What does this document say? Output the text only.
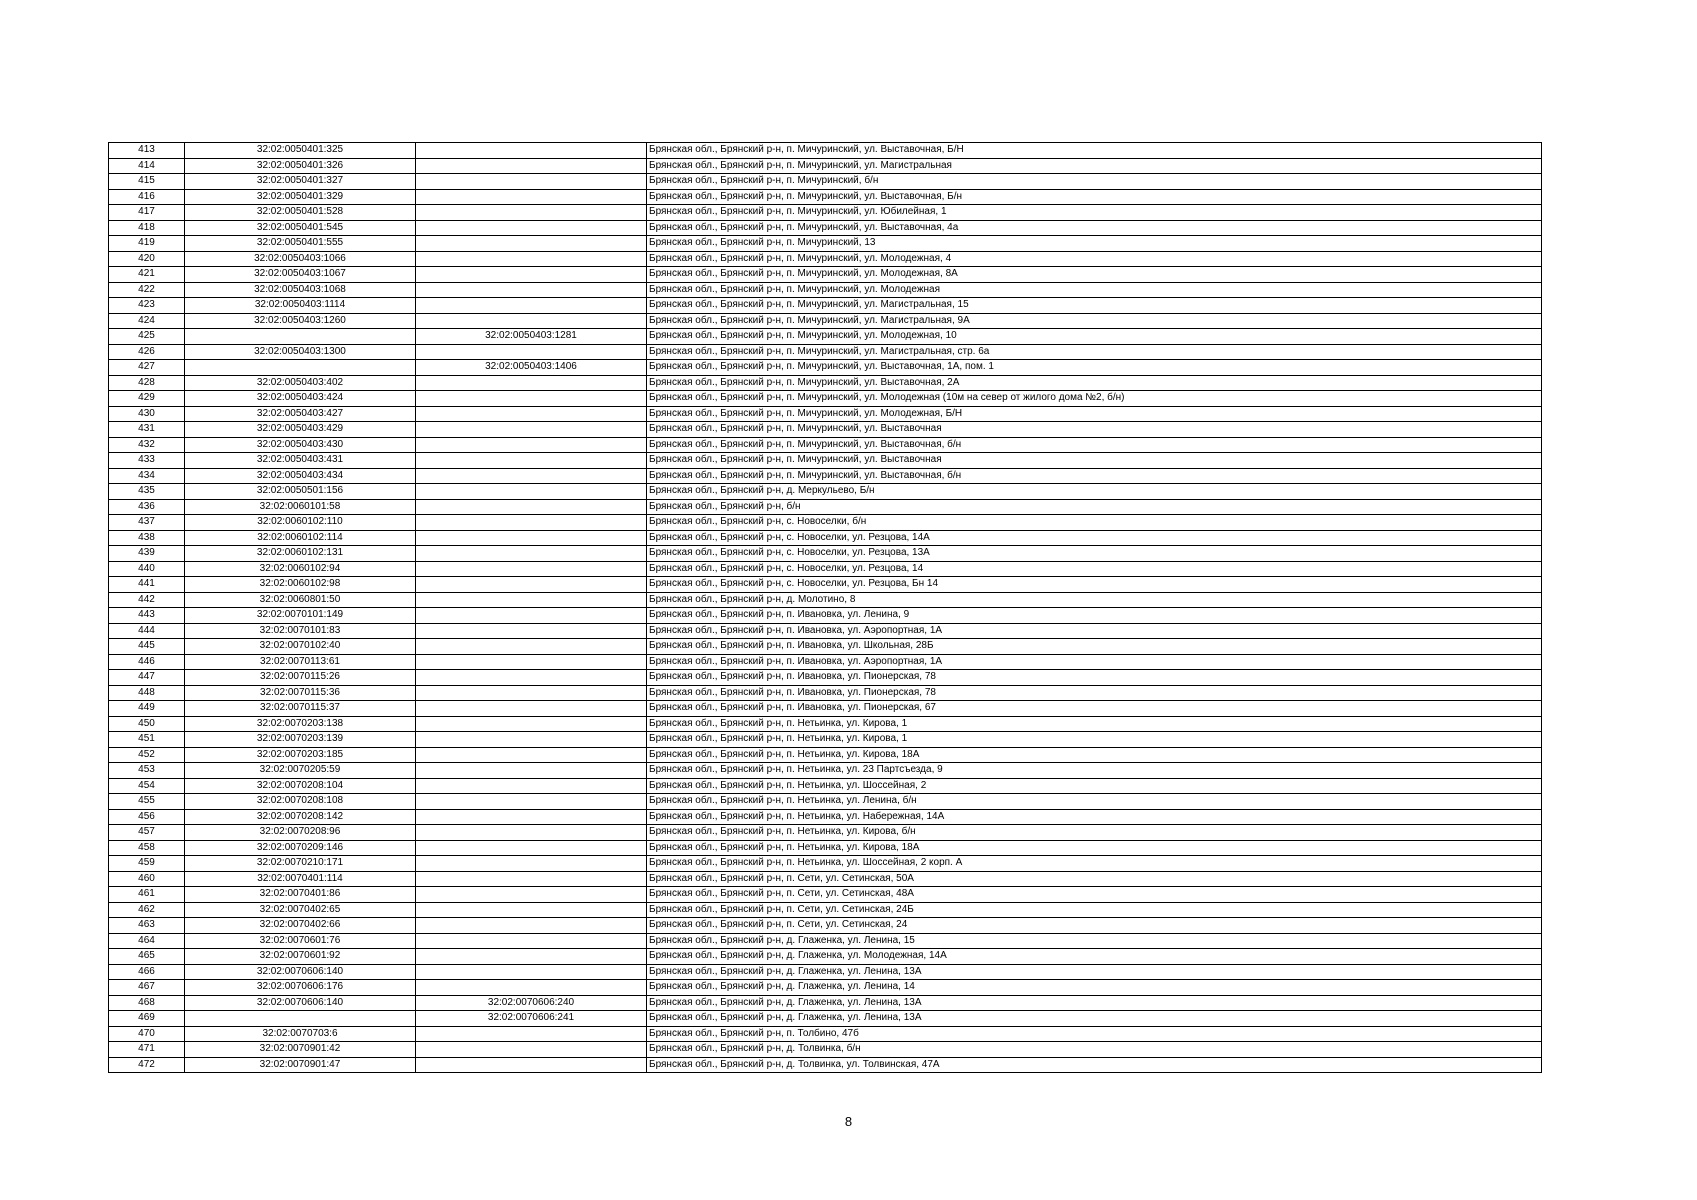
413	32:02:0050401:325		Брянская обл., Брянский р-н, п. Мичуринский, ул. Выставочная, Б/Н
414	32:02:0050401:326		Брянская обл., Брянский р-н, п. Мичуринский, ул. Магистральная
415	32:02:0050401:327		Брянская обл., Брянский р-н, п. Мичуринский, б/н
416	32:02:0050401:329		Брянская обл., Брянский р-н, п. Мичуринский, ул. Выставочная, Б/н
417	32:02:0050401:528		Брянская обл., Брянский р-н, п. Мичуринский, ул. Юбилейная, 1
418	32:02:0050401:545		Брянская обл., Брянский р-н, п. Мичуринский, ул. Выставочная, 4а
419	32:02:0050401:555		Брянская обл., Брянский р-н, п. Мичуринский, 13
420	32:02:0050403:1066		Брянская обл., Брянский р-н, п. Мичуринский, ул. Молодежная, 4
421	32:02:0050403:1067		Брянская обл., Брянский р-н, п. Мичуринский, ул. Молодежная, 8А
422	32:02:0050403:1068		Брянская обл., Брянский р-н, п. Мичуринский, ул. Молодежная
423	32:02:0050403:1114		Брянская обл., Брянский р-н, п. Мичуринский, ул. Магистральная, 15
424	32:02:0050403:1260		Брянская обл., Брянский р-н, п. Мичуринский, ул. Магистральная, 9А
425		32:02:0050403:1281	Брянская обл., Брянский р-н, п. Мичуринский, ул. Молодежная, 10
426	32:02:0050403:1300		Брянская обл., Брянский р-н, п. Мичуринский, ул. Магистральная, стр. 6а
427		32:02:0050403:1406	Брянская обл., Брянский р-н, п. Мичуринский, ул. Выставочная, 1А, пом. 1
428	32:02:0050403:402		Брянская обл., Брянский р-н, п. Мичуринский, ул. Выставочная, 2А
429	32:02:0050403:424		Брянская обл., Брянский р-н, п. Мичуринский, ул. Молодежная (10м на север от жилого дома №2, б/н)
430	32:02:0050403:427		Брянская обл., Брянский р-н, п. Мичуринский, ул. Молодежная, Б/Н
431	32:02:0050403:429		Брянская обл., Брянский р-н, п. Мичуринский, ул. Выставочная
432	32:02:0050403:430		Брянская обл., Брянский р-н, п. Мичуринский, ул. Выставочная, б/н
433	32:02:0050403:431		Брянская обл., Брянский р-н, п. Мичуринский, ул. Выставочная
434	32:02:0050403:434		Брянская обл., Брянский р-н, п. Мичуринский, ул. Выставочная, б/н
435	32:02:0050501:156		Брянская обл., Брянский р-н, д. Меркульево, Б/н
436	32:02:0060101:58		Брянская обл., Брянский р-н, б/н
437	32:02:0060102:110		Брянская обл., Брянский р-н, с. Новоселки, б/н
438	32:02:0060102:114		Брянская обл., Брянский р-н, с. Новоселки, ул. Резцова, 14А
439	32:02:0060102:131		Брянская обл., Брянский р-н, с. Новоселки, ул. Резцова, 13А
440	32:02:0060102:94		Брянская обл., Брянский р-н, с. Новоселки, ул. Резцова, 14
441	32:02:0060102:98		Брянская обл., Брянский р-н, с. Новоселки, ул. Резцова, Бн 14
442	32:02:0060801:50		Брянская обл., Брянский р-н, д. Молотино, 8
443	32:02:0070101:149		Брянская обл., Брянский р-н, п. Ивановка, ул. Ленина, 9
444	32:02:0070101:83		Брянская обл., Брянский р-н, п. Ивановка, ул. Аэропортная, 1А
445	32:02:0070102:40		Брянская обл., Брянский р-н, п. Ивановка, ул. Школьная, 28Б
446	32:02:0070113:61		Брянская обл., Брянский р-н, п. Ивановка, ул. Аэропортная, 1А
447	32:02:0070115:26		Брянская обл., Брянский р-н, п. Ивановка, ул. Пионерская, 78
448	32:02:0070115:36		Брянская обл., Брянский р-н, п. Ивановка, ул. Пионерская, 78
449	32:02:0070115:37		Брянская обл., Брянский р-н, п. Ивановка, ул. Пионерская, 67
450	32:02:0070203:138		Брянская обл., Брянский р-н, п. Нетьинка, ул. Кирова, 1
451	32:02:0070203:139		Брянская обл., Брянский р-н, п. Нетьинка, ул. Кирова, 1
452	32:02:0070203:185		Брянская обл., Брянский р-н, п. Нетьинка, ул. Кирова, 18А
453	32:02:0070205:59		Брянская обл., Брянский р-н, п. Нетьинка, ул. 23 Партсъезда, 9
454	32:02:0070208:104		Брянская обл., Брянский р-н, п. Нетьинка, ул. Шоссейная, 2
455	32:02:0070208:108		Брянская обл., Брянский р-н, п. Нетьинка, ул. Ленина, б/н
456	32:02:0070208:142		Брянская обл., Брянский р-н, п. Нетьинка, ул. Набережная, 14А
457	32:02:0070208:96		Брянская обл., Брянский р-н, п. Нетьинка, ул. Кирова, б/н
458	32:02:0070209:146		Брянская обл., Брянский р-н, п. Нетьинка, ул. Кирова, 18А
459	32:02:0070210:171		Брянская обл., Брянский р-н, п. Нетьинка, ул. Шоссейная, 2 корп. А
460	32:02:0070401:114		Брянская обл., Брянский р-н, п. Сети, ул. Сетинская, 50А
461	32:02:0070401:86		Брянская обл., Брянский р-н, п. Сети, ул. Сетинская, 48А
462	32:02:0070402:65		Брянская обл., Брянский р-н, п. Сети, ул. Сетинская, 24Б
463	32:02:0070402:66		Брянская обл., Брянский р-н, п. Сети, ул. Сетинская, 24
464	32:02:0070601:76		Брянская обл., Брянский р-н, д. Глаженка, ул. Ленина, 15
465	32:02:0070601:92		Брянская обл., Брянский р-н, д. Глаженка, ул. Молодежная, 14А
466	32:02:0070606:140		Брянская обл., Брянский р-н, д. Глаженка, ул. Ленина, 13А
467	32:02:0070606:176		Брянская обл., Брянский р-н, д. Глаженка, ул. Ленина, 14
468	32:02:0070606:140	32:02:0070606:240	Брянская обл., Брянский р-н, д. Глаженка, ул. Ленина, 13А
469		32:02:0070606:241	Брянская обл., Брянский р-н, д. Глаженка, ул. Ленина, 13А
470	32:02:0070703:6		Брянская обл., Брянский р-н, п. Толбино, 47б
471	32:02:0070901:42		Брянская обл., Брянский р-н, д. Толвинка, б/н
472	32:02:0070901:47		Брянская обл., Брянский р-н, д. Толвинка, ул. Толвинская, 47А
8
